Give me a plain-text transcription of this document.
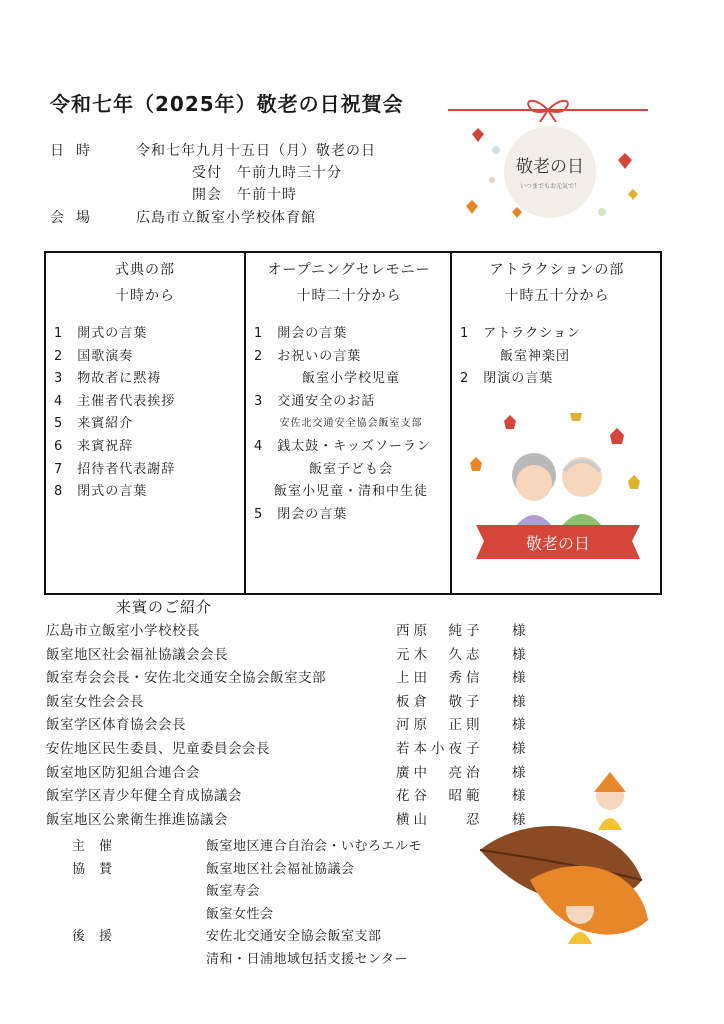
令和七年（2025年）敬老の日祝賀会
日時	令和七年九月十五日（月）敬老の日
受付　午前九時三十分
開会　午前十時
会場	広島市立飯室小学校体育館
敬老の日
いつまでもお元気で！
式典の部
十時から
1　開式の言葉
2　国歌演奏
3　物故者に黙祷
4　主催者代表挨拶
5　来賓紹介
6　来賓祝辞
7　招待者代表謝辞
8　閉式の言葉
オープニングセレモニー
十時二十分から
1　開会の言葉
2　お祝いの言葉
飯室小学校児童
3　交通安全のお話
安佐北交通安全協会飯室支部
4　銭太鼓・キッズソーラン
飯室子ども会
飯室小児童・清和中生徒
5　閉会の言葉
アトラクションの部
十時五十分から
1　アトラクション
飯室神楽団
2　閉演の言葉
敬老の日
来賓のご紹介
広島市立飯室小学校校長	西原　純子 様
飯室地区社会福祉協議会会長	元木　久志 様
飯室寿会会長・安佐北交通安全協会飯室支部	上田　秀信 様
飯室女性会会長	板倉　敬子 様
飯室学区体育協会会長	河原　正則 様
安佐地区民生委員、児童委員会会長	若本小夜子 様
飯室地区防犯組合連合会	廣中　亮治 様
飯室学区青少年健全育成協議会	花谷　昭範 様
飯室地区公衆衛生推進協議会	横山　　忍 様
主催	飯室地区連合自治会・いむろエルモ
協賛	飯室地区社会福祉協議会
飯室寿会
飯室女性会
後援	安佐北交通安全協会飯室支部
清和・日浦地域包括支援センター
